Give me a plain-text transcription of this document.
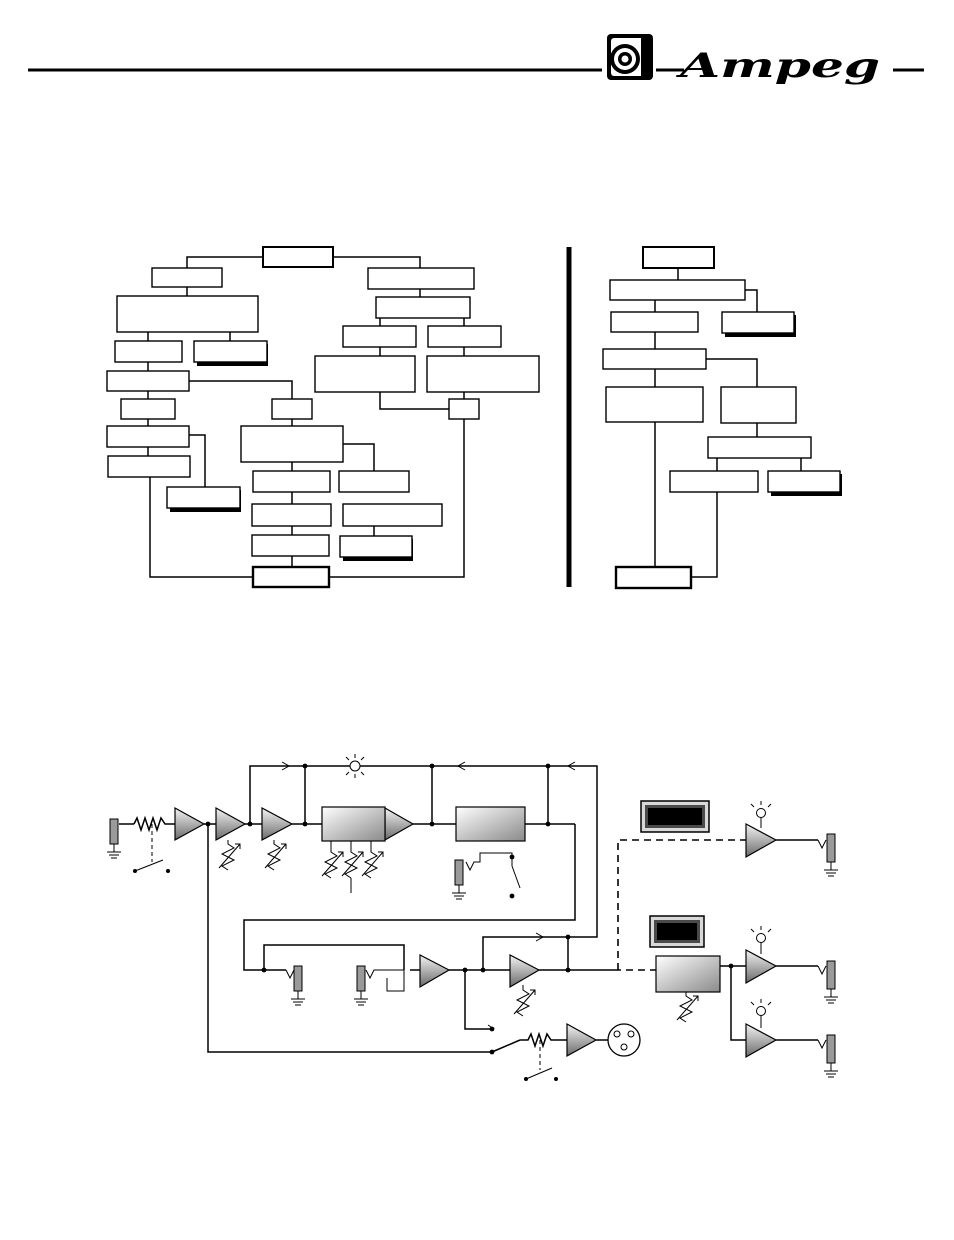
Ampeg
